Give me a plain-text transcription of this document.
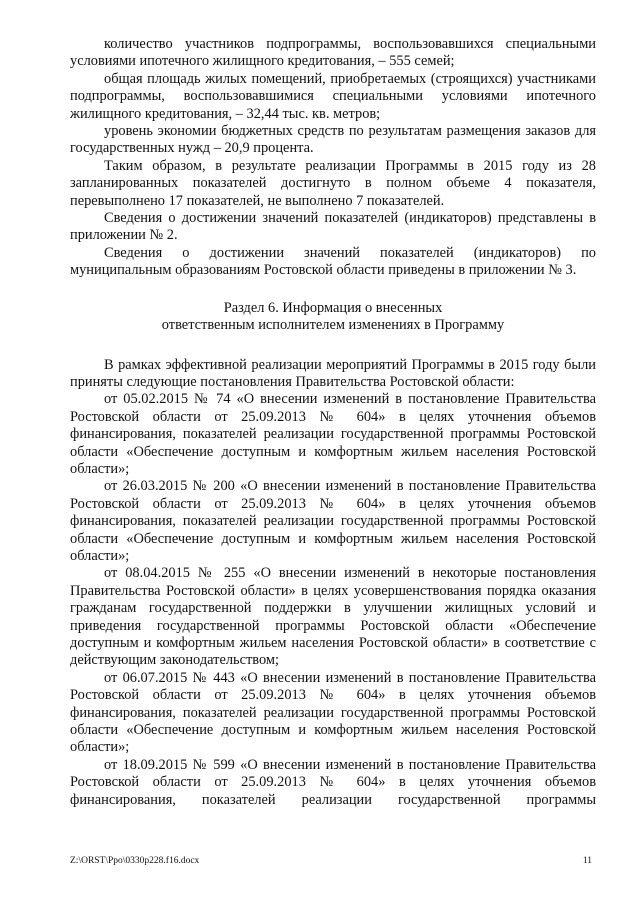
количество участников подпрограммы, воспользовавшихся специальными условиями ипотечного жилищного кредитования, – 555 семей;

общая площадь жилых помещений, приобретаемых (строящихся) участниками подпрограммы, воспользовавшимися специальными условиями ипотечного жилищного кредитования, – 32,44 тыс. кв. метров;

уровень экономии бюджетных средств по результатам размещения заказов для государственных нужд – 20,9 процента.

Таким образом, в результате реализации Программы в 2015 году из 28 запланированных показателей достигнуто в полном объеме 4 показателя, перевыполнено 17 показателей, не выполнено 7 показателей.

Сведения о достижении значений показателей (индикаторов) представлены в приложении № 2.

Сведения о достижении значений показателей (индикаторов) по муниципальным образованиям Ростовской области приведены в приложении № 3.

Раздел 6. Информация о внесенных
ответственным исполнителем изменениях в Программу

В рамках эффективной реализации мероприятий Программы в 2015 году были приняты следующие постановления Правительства Ростовской области:

от 05.02.2015 № 74 «О внесении изменений в постановление Правительства Ростовской области от 25.09.2013 № 604» в целях уточнения объемов финансирования, показателей реализации государственной программы Ростовской области «Обеспечение доступным и комфортным жильем населения Ростовской области»;

от 26.03.2015 № 200 «О внесении изменений в постановление Правительства Ростовской области от 25.09.2013 № 604» в целях уточнения объемов финансирования, показателей реализации государственной программы Ростовской области «Обеспечение доступным и комфортным жильем населения Ростовской области»;

от 08.04.2015 № 255 «О внесении изменений в некоторые постановления Правительства Ростовской области» в целях усовершенствования порядка оказания гражданам государственной поддержки в улучшении жилищных условий и приведения государственной программы Ростовской области «Обеспечение доступным и комфортным жильем населения Ростовской области» в соответствие с действующим законодательством;

от 06.07.2015 № 443 «О внесении изменений в постановление Правительства Ростовской области от 25.09.2013 № 604» в целях уточнения объемов финансирования, показателей реализации государственной программы Ростовской области «Обеспечение доступным и комфортным жильем населения Ростовской области»;

от 18.09.2015 № 599 «О внесении изменений в постановление Правительства Ростовской области от 25.09.2013 № 604» в целях уточнения объемов финансирования, показателей реализации государственной программы

Z:\ORST\Ppo\0330p228.f16.docx	11
